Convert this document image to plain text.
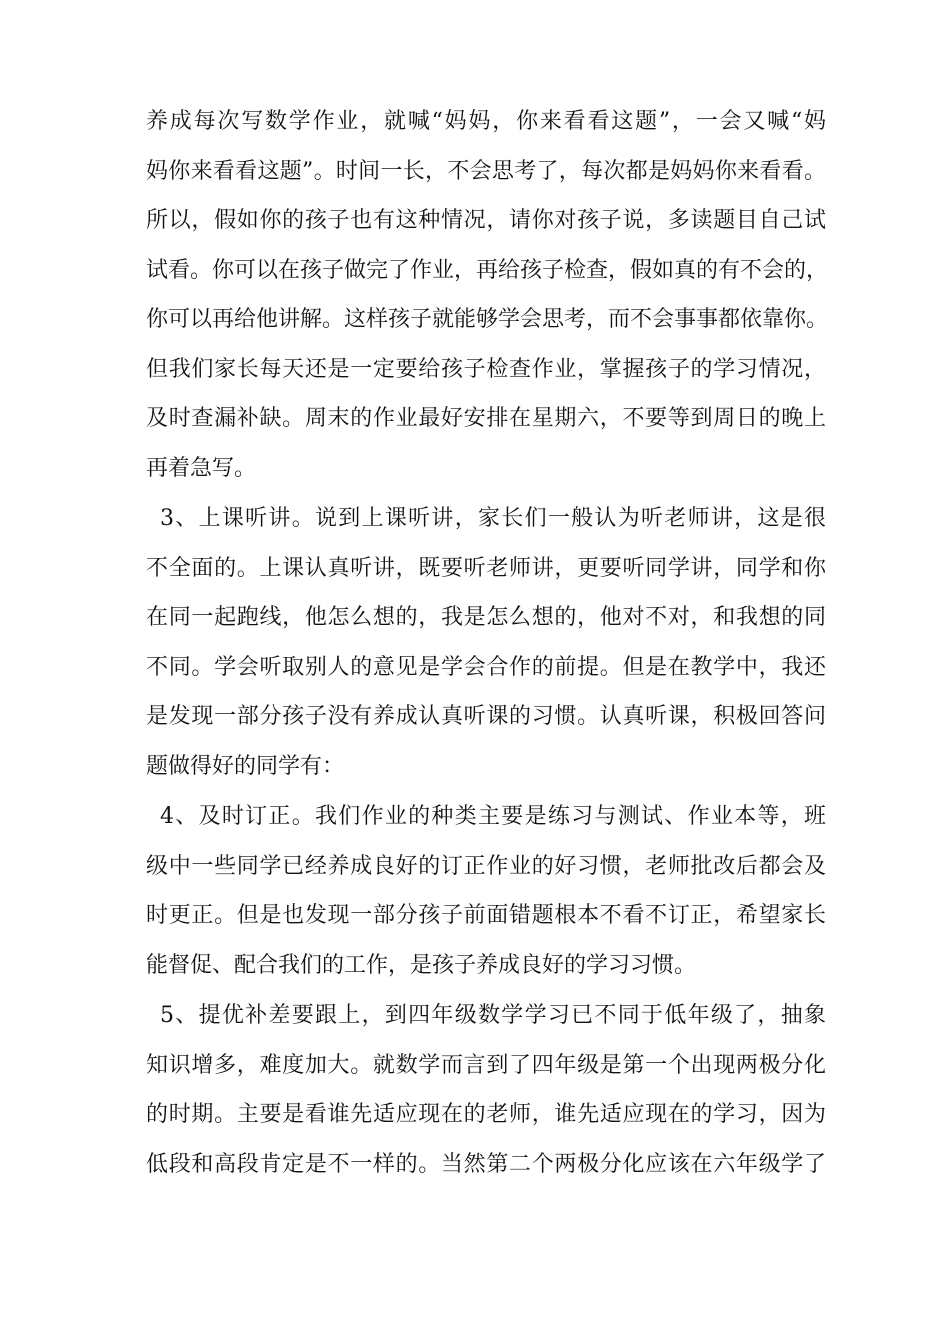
养成每次写数学作业，就喊“妈妈，你来看看这题”，一会又喊“妈
妈你来看看这题”。时间一长，不会思考了，每次都是妈妈你来看看。
所以，假如你的孩子也有这种情况，请你对孩子说，多读题目自己试
试看。你可以在孩子做完了作业，再给孩子检查，假如真的有不会的，
你可以再给他讲解。这样孩子就能够学会思考，而不会事事都依靠你。
但我们家长每天还是一定要给孩子检查作业，掌握孩子的学习情况，
及时查漏补缺。周末的作业最好安排在星期六，不要等到周日的晚上
再着急写。
3、上课听讲。说到上课听讲，家长们一般认为听老师讲，这是很
不全面的。上课认真听讲，既要听老师讲，更要听同学讲，同学和你
在同一起跑线，他怎么想的，我是怎么想的，他对不对，和我想的同
不同。学会听取别人的意见是学会合作的前提。但是在教学中，我还
是发现一部分孩子没有养成认真听课的习惯。认真听课，积极回答问
题做得好的同学有：
4、及时订正。我们作业的种类主要是练习与测试、作业本等，班
级中一些同学已经养成良好的订正作业的好习惯，老师批改后都会及
时更正。但是也发现一部分孩子前面错题根本不看不订正，希望家长
能督促、配合我们的工作，是孩子养成良好的学习习惯。
5、提优补差要跟上，到四年级数学学习已不同于低年级了，抽象
知识增多，难度加大。就数学而言到了四年级是第一个出现两极分化
的时期。主要是看谁先适应现在的老师，谁先适应现在的学习，因为
低段和高段肯定是不一样的。当然第二个两极分化应该在六年级学了
